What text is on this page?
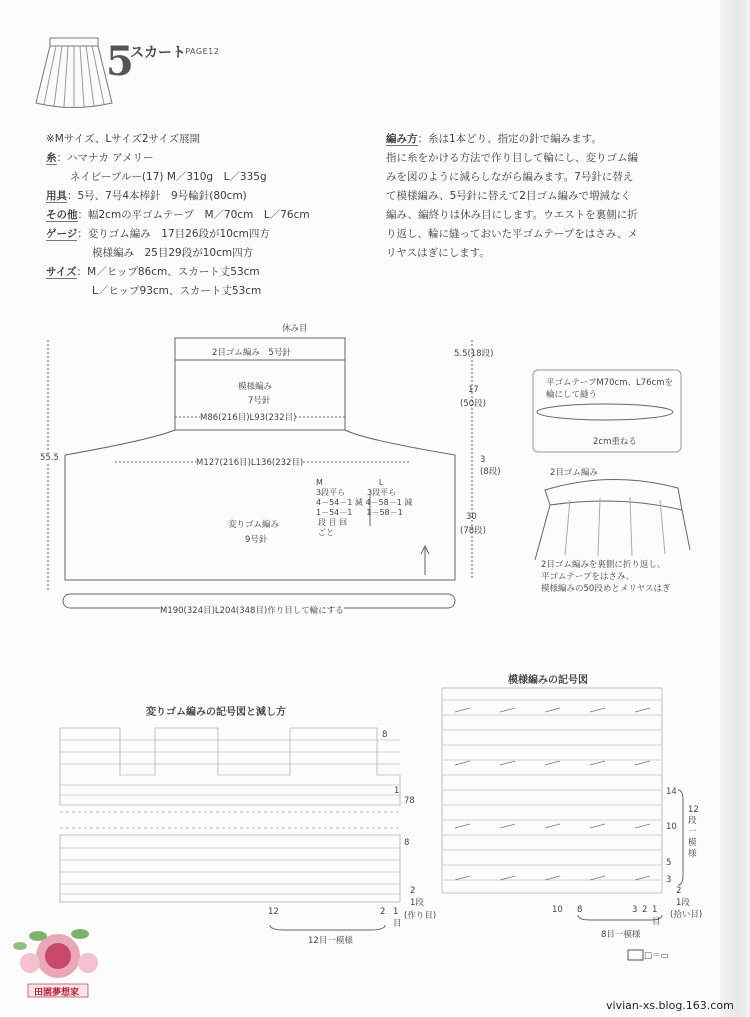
田園夢想家
5
スカート
→ PAGE12
※Mサイズ、Lサイズ2サイズ展開
糸：ハマナカ アメリー
ネイビーブルー(17) M／310g　L／335g
用具：5号、7号4本棒針　9号輪針(80cm)
その他：幅2cmの平ゴムテープ　M／70cm　L／76cm
ゲージ：変りゴム編み　17目26段が10cm四方
模様編み　25目29段が10cm四方
サイズ：M／ヒップ86cm、スカート丈53cm
L／ヒップ93cm、スカート丈53cm
編み方：糸は1本どり、指定の針で編みます。
指に糸をかける方法で作り目して輪にし、変りゴム編みを図のように減らしながら編みます。7号針に替えて模様編み、5号針に替えて2目ゴム編みで増減なく編み、編終りは休み目にします。ウエストを裏側に折り返し、輪に縫っておいた平ゴムテープをはさみ、メリヤスはぎにします。
休み目
2目ゴム編み　5号針
模様編み
7号針
M86(216目)L93(232目)
M127(216目)L136(232目)
変りゴム編み
9号針
M190(324目)L204(348目)作り目して輪にする
55.5
5.5(18段)
17
(50段)
3
(8段)
30
(78段)
M	L
3段平ら	3段平ら
4－54－1 減 4－58－1 減
1－54－1 1－58－1
段 目 回
ごと
平ゴムテープM70cm、L76cmを
輪にして縫う
2cm重ねる
2目ゴム編み
2目ゴム編みを裏側に折り返し、
平ゴムテープをはさみ、
模様編みの50段めとメリヤスはぎ
変りゴム編みの記号図と減し方
8
1
78
8
2
1段
(作り目)
12	2 1
目
12目一模様
模様編みの記号図
14
10
5
3
2
1段
(拾い目)
12段一模様
10 8	3 2 1
目
8目一模様
□＝▭
vivian-xs.blog.163.com
